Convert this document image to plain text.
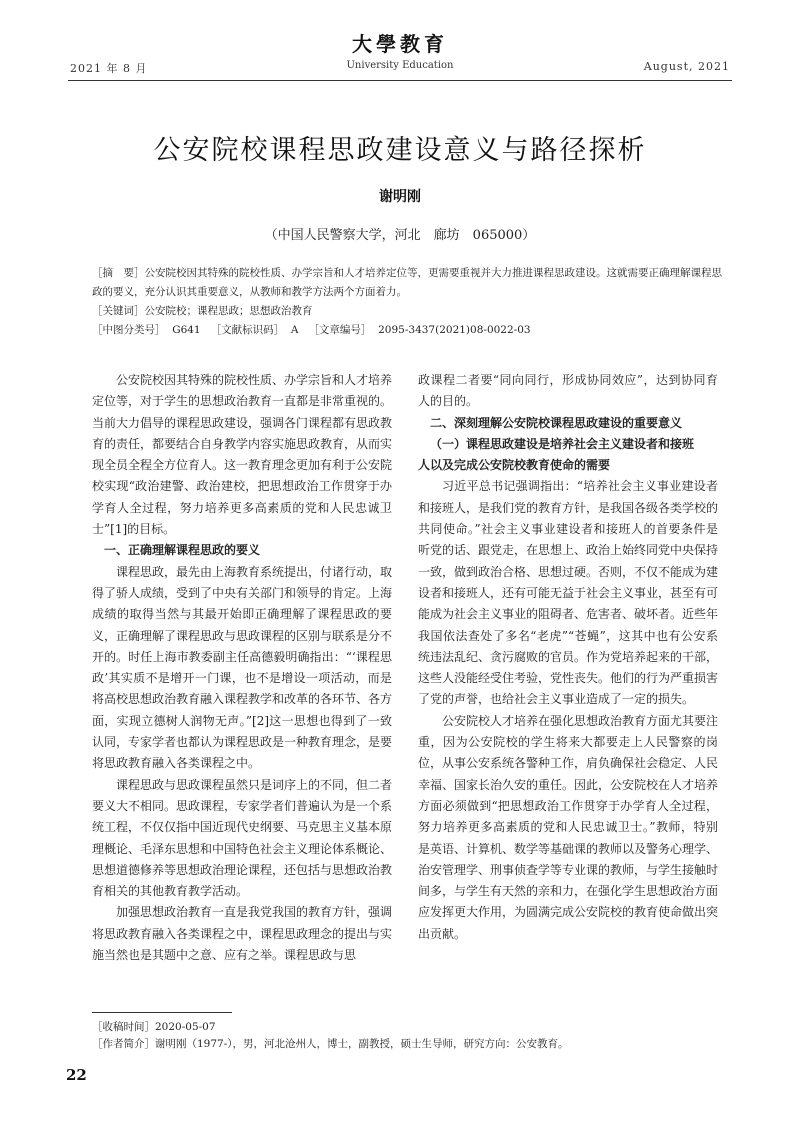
大學教育
2021 年 8 月	University Education	August, 2021
公安院校课程思政建设意义与路径探析
谢明刚
（中国人民警察大学，河北　廊坊　065000）
［摘　要］公安院校因其特殊的院校性质、办学宗旨和人才培养定位等，更需要重视并大力推进课程思政建设。这就需要正确理解课程思政的要义，充分认识其重要意义，从教师和教学方法两个方面着力。
［关键词］公安院校；课程思政；思想政治教育
［中图分类号］ G641 ［文献标识码］ A ［文章编号］ 2095-3437(2021)08-0022-03

公安院校因其特殊的院校性质、办学宗旨和人才培养定位等，对于学生的思想政治教育一直都是非常重视的。当前大力倡导的课程思政建设，强调各门课程都有思政教育的责任，都要结合自身教学内容实施思政教育，从而实现全员全程全方位育人。这一教育理念更加有利于公安院校实现“政治建警、政治建校，把思想政治工作贯穿于办学育人全过程，努力培养更多高素质的党和人民忠诚卫士”[1]的目标。

一、正确理解课程思政的要义

课程思政，最先由上海教育系统提出，付诸行动，取得了骄人成绩，受到了中央有关部门和领导的肯定。上海成绩的取得当然与其最开始即正确理解了课程思政的要义，正确理解了课程思政与思政课程的区别与联系是分不开的。时任上海市教委副主任高德毅明确指出：“‘课程思政’其实质不是增开一门课，也不是增设一项活动，而是将高校思想政治教育融入课程教学和改革的各环节、各方面，实现立德树人润物无声。”[2]这一思想也得到了一致认同，专家学者也都认为课程思政是一种教育理念，是要将思政教育融入各类课程之中。

课程思政与思政课程虽然只是词序上的不同，但二者要义大不相同。思政课程，专家学者们普遍认为是一个系统工程，不仅仅指中国近现代史纲要、马克思主义基本原理概论、毛泽东思想和中国特色社会主义理论体系概论、思想道德修养等思想政治理论课程，还包括与思想政治教育相关的其他教育教学活动。

加强思想政治教育一直是我党我国的教育方针，强调将思政教育融入各类课程之中，课程思政理念的提出与实施当然也是其题中之意、应有之举。课程思政与思

政课程二者要“同向同行，形成协同效应”，达到协同育人的目的。

二、深刻理解公安院校课程思政建设的重要意义
（一）课程思政建设是培养社会主义建设者和接班
人以及完成公安院校教育使命的需要

习近平总书记强调指出：“培养社会主义事业建设者和接班人，是我们党的教育方针，是我国各级各类学校的共同使命。”社会主义事业建设者和接班人的首要条件是听党的话、跟党走，在思想上、政治上始终同党中央保持一致，做到政治合格、思想过硬。否则，不仅不能成为建设者和接班人，还有可能无益于社会主义事业，甚至有可能成为社会主义事业的阻碍者、危害者、破坏者。近些年我国依法查处了多名“老虎”“苍蝇”，这其中也有公安系统违法乱纪、贪污腐败的官员。作为党培养起来的干部，这些人没能经受住考验，党性丧失。他们的行为严重损害了党的声誉，也给社会主义事业造成了一定的损失。

公安院校人才培养在强化思想政治教育方面尤其要注重，因为公安院校的学生将来大都要走上人民警察的岗位，从事公安系统各警种工作，肩负确保社会稳定、人民幸福、国家长治久安的重任。因此，公安院校在人才培养方面必须做到“把思想政治工作贯穿于办学育人全过程，努力培养更多高素质的党和人民忠诚卫士。”教师，特别是英语、计算机、数学等基础课的教师以及警务心理学、治安管理学、刑事侦查学等专业课的教师，与学生接触时间多，与学生有天然的亲和力，在强化学生思想政治方面应发挥更大作用，为圆满完成公安院校的教育使命做出突出贡献。

［收稿时间］2020-05-07
［作者简介］谢明刚（1977-），男，河北沧州人，博士，副教授，硕士生导师，研究方向：公安教育。
22
